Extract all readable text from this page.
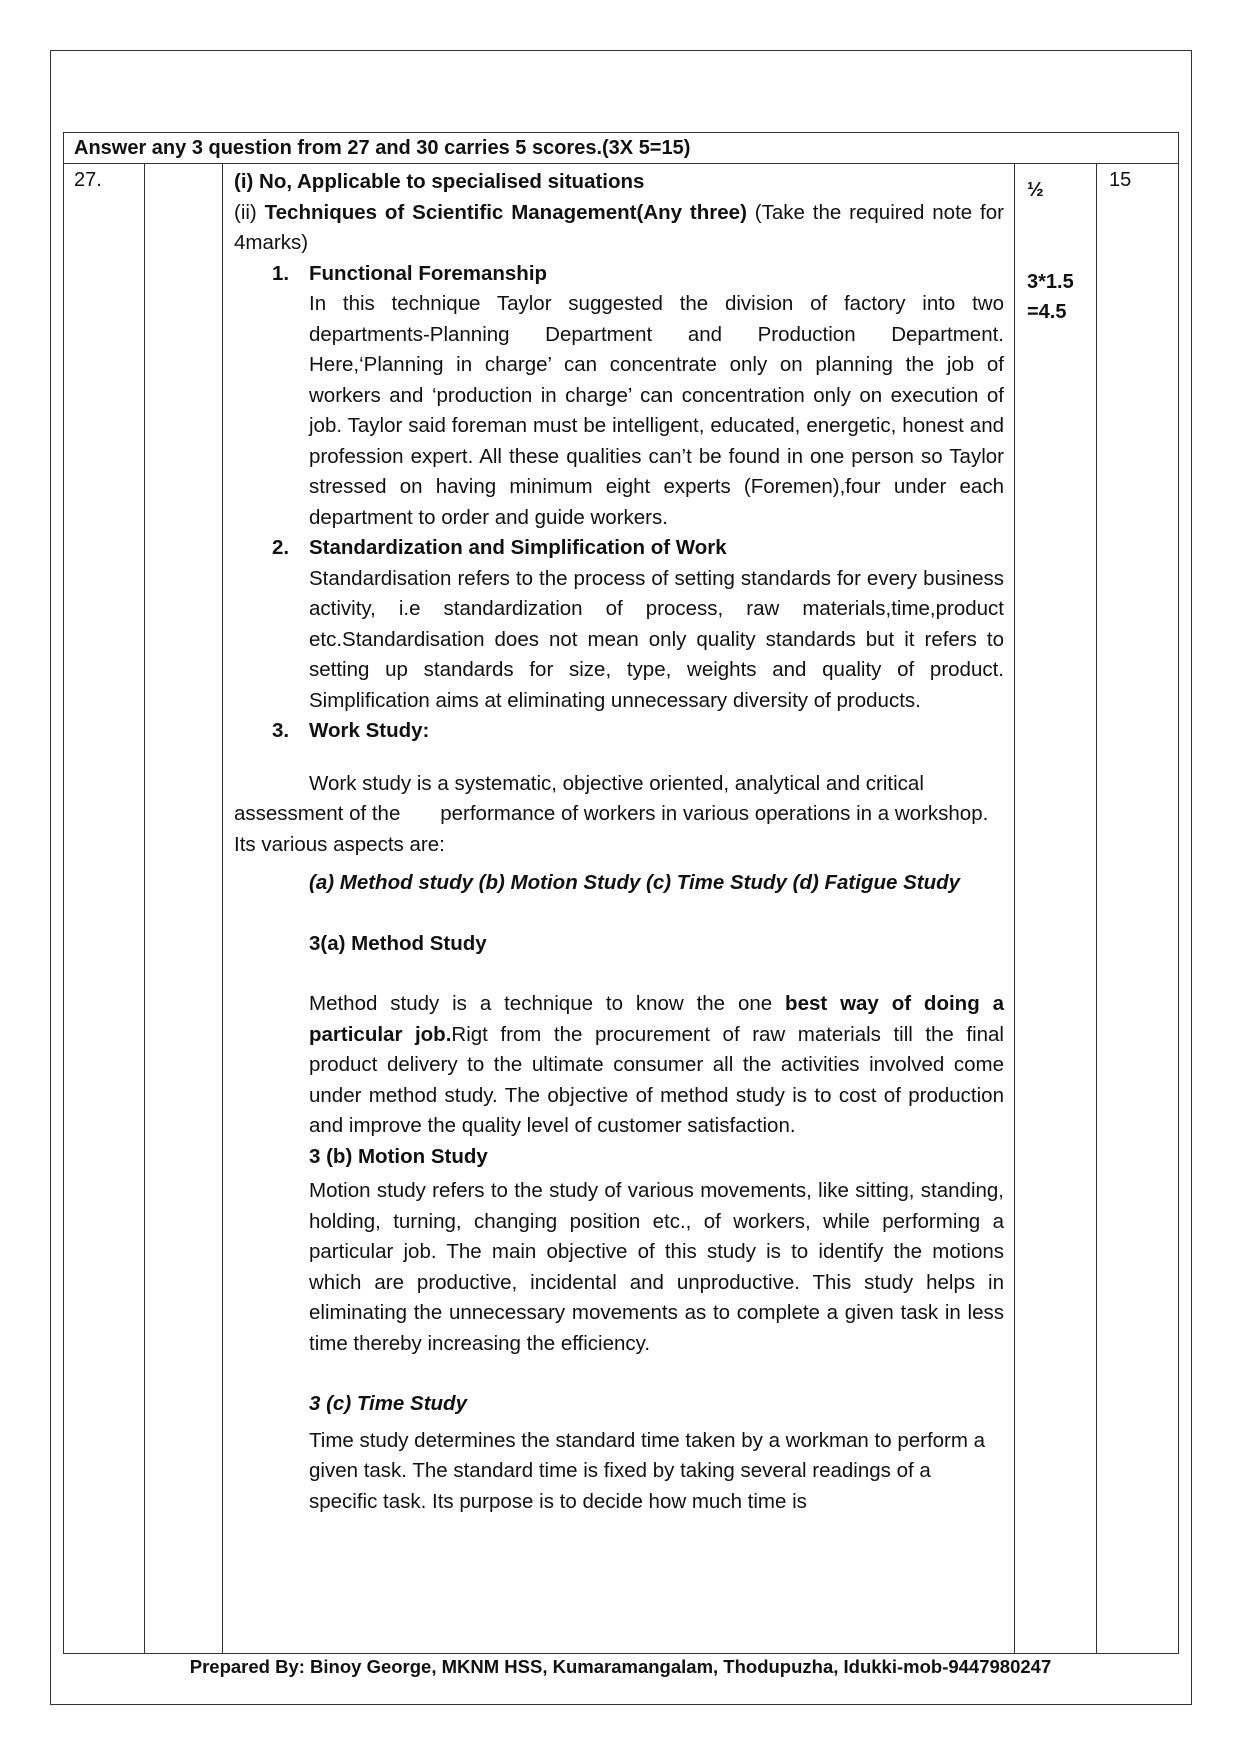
Answer any 3 question from 27 and 30 carries 5 scores.(3X 5=15)
27.	15
½
3*1.5
=4.5

(i) No, Applicable to specialised situations

(ii) Techniques of Scientific Management(Any three) (Take the required note for 4marks)

1. Functional Foremanship

In this technique Taylor suggested the division of factory into two departments-Planning Department and Production Department. Here,‘Planning in charge’ can concentrate only on planning the job of workers and ‘production in charge’ can concentration only on execution of job. Taylor said foreman must be intelligent, educated, energetic, honest and profession expert. All these qualities can’t be found in one person so Taylor stressed on having minimum eight experts (Foremen),four under each department to order and guide workers.

2. Standardization and Simplification of Work

Standardisation refers to the process of setting standards for every business activity, i.e standardization of process, raw materials,time,product etc.Standardisation does not mean only quality standards but it refers to setting up standards for size, type, weights and quality of product. Simplification aims at eliminating unnecessary diversity of products.

3. Work Study:

Work study is a systematic, objective oriented, analytical and critical assessment of the       performance of workers in various operations in a workshop. Its various aspects are:

(a) Method study (b) Motion Study (c) Time Study (d) Fatigue Study

3(a) Method Study

Method study is a technique to know the one best way of doing a particular job.Rigt from the procurement of raw materials till the final product delivery to the ultimate consumer all the activities involved come under method study. The objective of method study is to cost of production and improve the quality level of customer satisfaction.

3 (b) Motion Study

Motion study refers to the study of various movements, like sitting, standing, holding, turning, changing position etc., of workers, while performing a particular job. The main objective of this study is to identify the motions which are productive, incidental and unproductive. This study helps in eliminating the unnecessary movements as to complete a given task in less time thereby increasing the efficiency.

3 (c) Time Study

Time study determines the standard time taken by a workman to perform a given task. The standard time is fixed by taking several readings of a specific task. Its purpose is to decide how much time is

Prepared By: Binoy George, MKNM HSS, Kumaramangalam, Thodupuzha, Idukki-mob-9447980247
